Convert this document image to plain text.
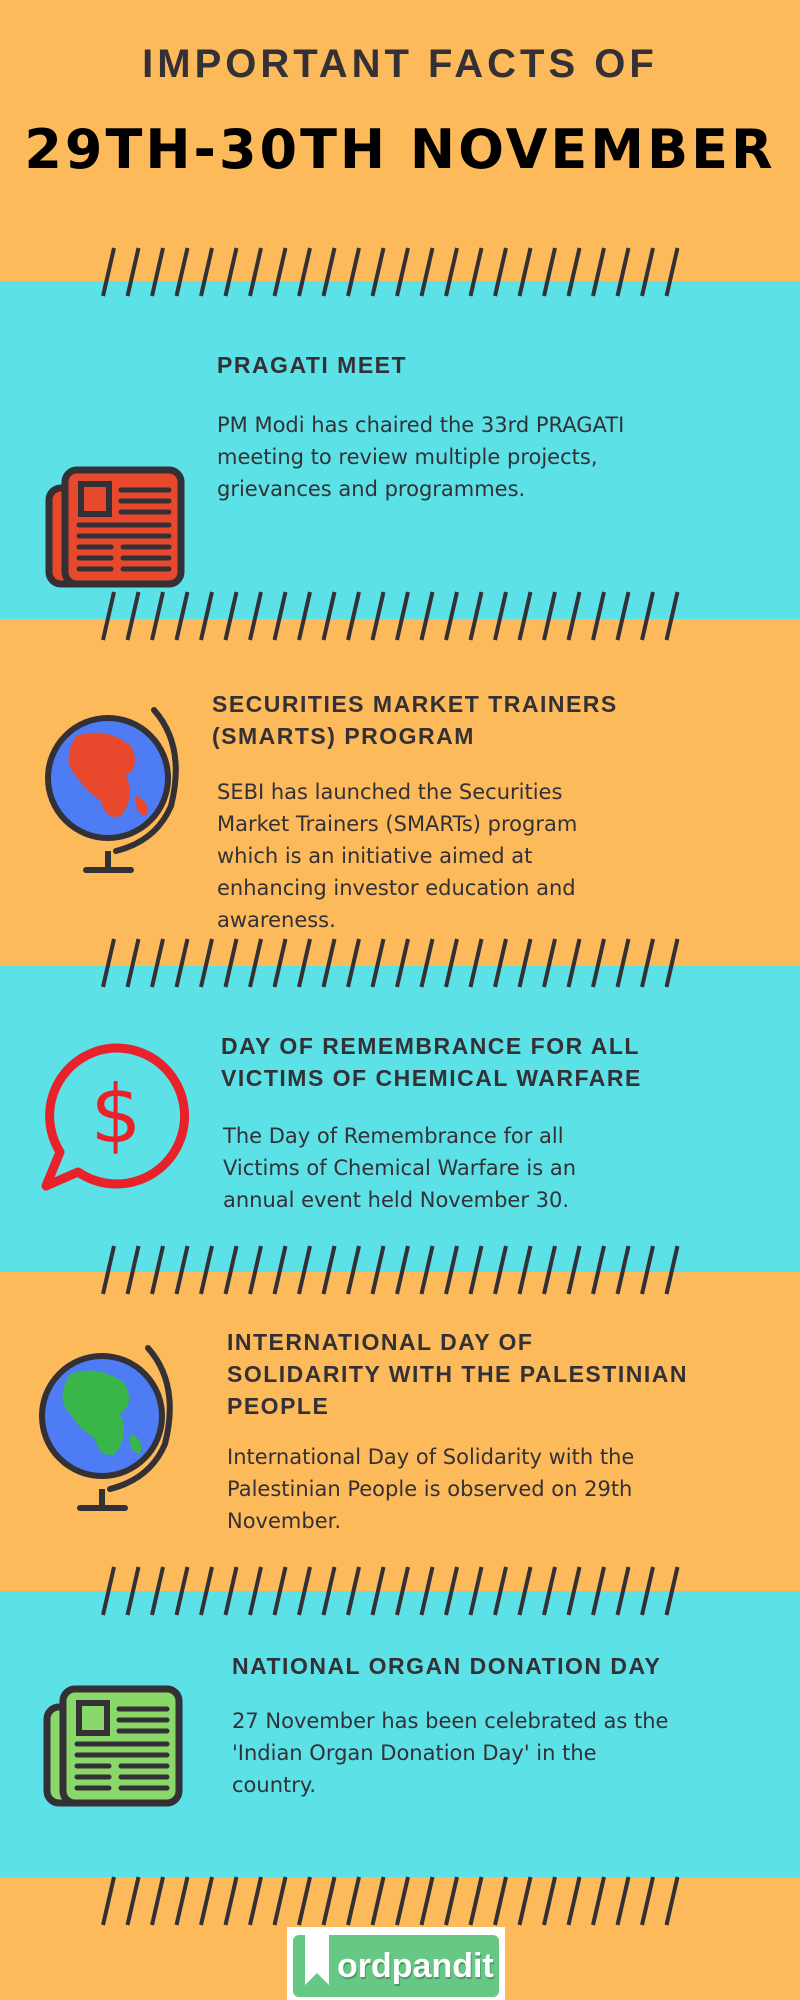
IMPORTANT FACTS OF
29TH-30TH NOVEMBER
PRAGATI MEET
PM Modi has chaired the 33rd PRAGATI
meeting to review multiple projects,
grievances and programmes.
SECURITIES MARKET TRAINERS
(SMARTS) PROGRAM
SEBI has launched the Securities
Market Trainers (SMARTs) program
which is an initiative aimed at
enhancing investor education and
awareness.
$
DAY OF REMEMBRANCE FOR ALL
VICTIMS OF CHEMICAL WARFARE
The Day of Remembrance for all
Victims of Chemical Warfare is an
annual event held November 30.
INTERNATIONAL DAY OF
SOLIDARITY WITH THE PALESTINIAN
PEOPLE
International Day of Solidarity with the
Palestinian People is observed on 29th
November.
NATIONAL ORGAN DONATION DAY
27 November has been celebrated as the
'Indian Organ Donation Day' in the
country.
ordpandit
